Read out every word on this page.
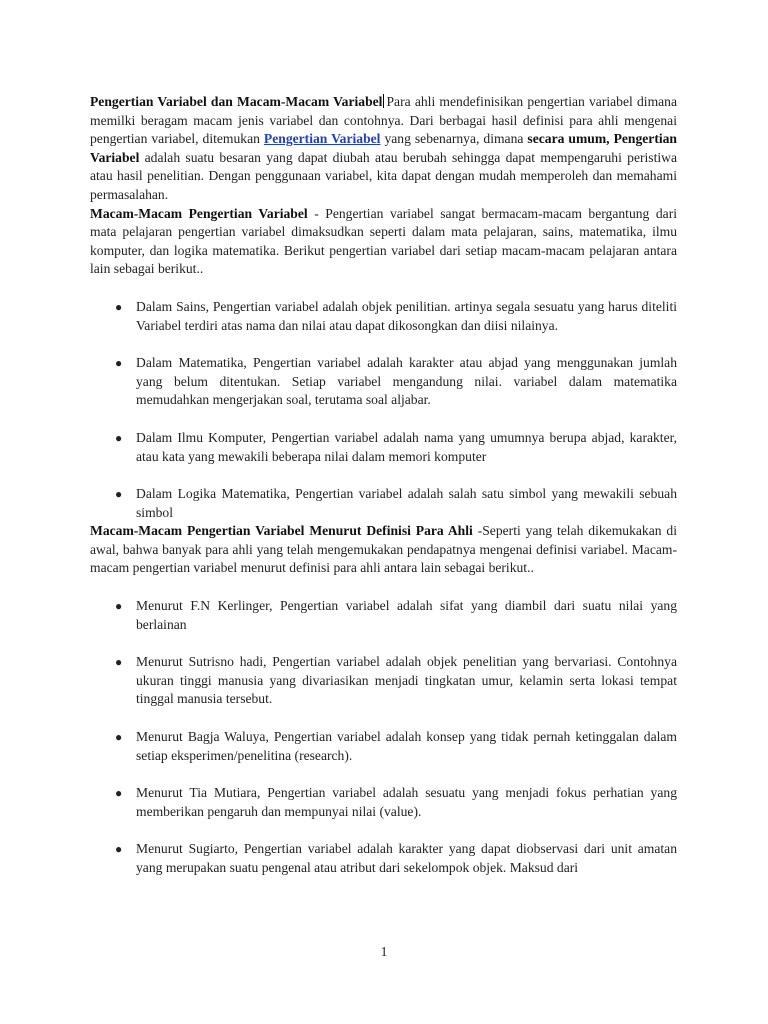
Pengertian Variabel dan Macam-Macam Variabel Para ahli mendefinisikan pengertian variabel dimana memilki beragam macam jenis variabel dan contohnya. Dari berbagai hasil definisi para ahli mengenai pengertian variabel, ditemukan Pengertian Variabel yang sebenarnya, dimana secara umum, Pengertian Variabel adalah suatu besaran yang dapat diubah atau berubah sehingga dapat mempengaruhi peristiwa atau hasil penelitian. Dengan penggunaan variabel, kita dapat dengan mudah memperoleh dan memahami permasalahan.

Macam-Macam Pengertian Variabel - Pengertian variabel sangat bermacam-macam bergantung dari mata pelajaran pengertian variabel dimaksudkan seperti dalam mata pelajaran, sains, matematika, ilmu komputer, dan logika matematika. Berikut pengertian variabel dari setiap macam-macam pelajaran antara lain sebagai berikut..

● Dalam Sains, Pengertian variabel adalah objek penilitian. artinya segala sesuatu yang harus diteliti Variabel terdiri atas nama dan nilai atau dapat dikosongkan dan diisi nilainya.
● Dalam Matematika, Pengertian variabel adalah karakter atau abjad yang menggunakan jumlah yang belum ditentukan. Setiap variabel mengandung nilai. variabel dalam matematika memudahkan mengerjakan soal, terutama soal aljabar.
● Dalam Ilmu Komputer, Pengertian variabel adalah nama yang umumnya berupa abjad, karakter, atau kata yang mewakili beberapa nilai dalam memori komputer
● Dalam Logika Matematika, Pengertian variabel adalah salah satu simbol yang mewakili sebuah simbol

Macam-Macam Pengertian Variabel Menurut Definisi Para Ahli -Seperti yang telah dikemukakan di awal, bahwa banyak para ahli yang telah mengemukakan pendapatnya mengenai definisi variabel. Macam-macam pengertian variabel menurut definisi para ahli antara lain sebagai berikut..

● Menurut F.N Kerlinger, Pengertian variabel adalah sifat yang diambil dari suatu nilai yang berlainan
● Menurut Sutrisno hadi, Pengertian variabel adalah objek penelitian yang bervariasi. Contohnya ukuran tinggi manusia yang divariasikan menjadi tingkatan umur, kelamin serta lokasi tempat tinggal manusia tersebut.
● Menurut Bagja Waluya, Pengertian variabel adalah konsep yang tidak pernah ketinggalan dalam setiap eksperimen/penelitina (research).
● Menurut Tia Mutiara, Pengertian variabel adalah sesuatu yang menjadi fokus perhatian yang memberikan pengaruh dan mempunyai nilai (value).
● Menurut Sugiarto, Pengertian variabel adalah karakter yang dapat diobservasi dari unit amatan yang merupakan suatu pengenal atau atribut dari sekelompok objek. Maksud dari
1
